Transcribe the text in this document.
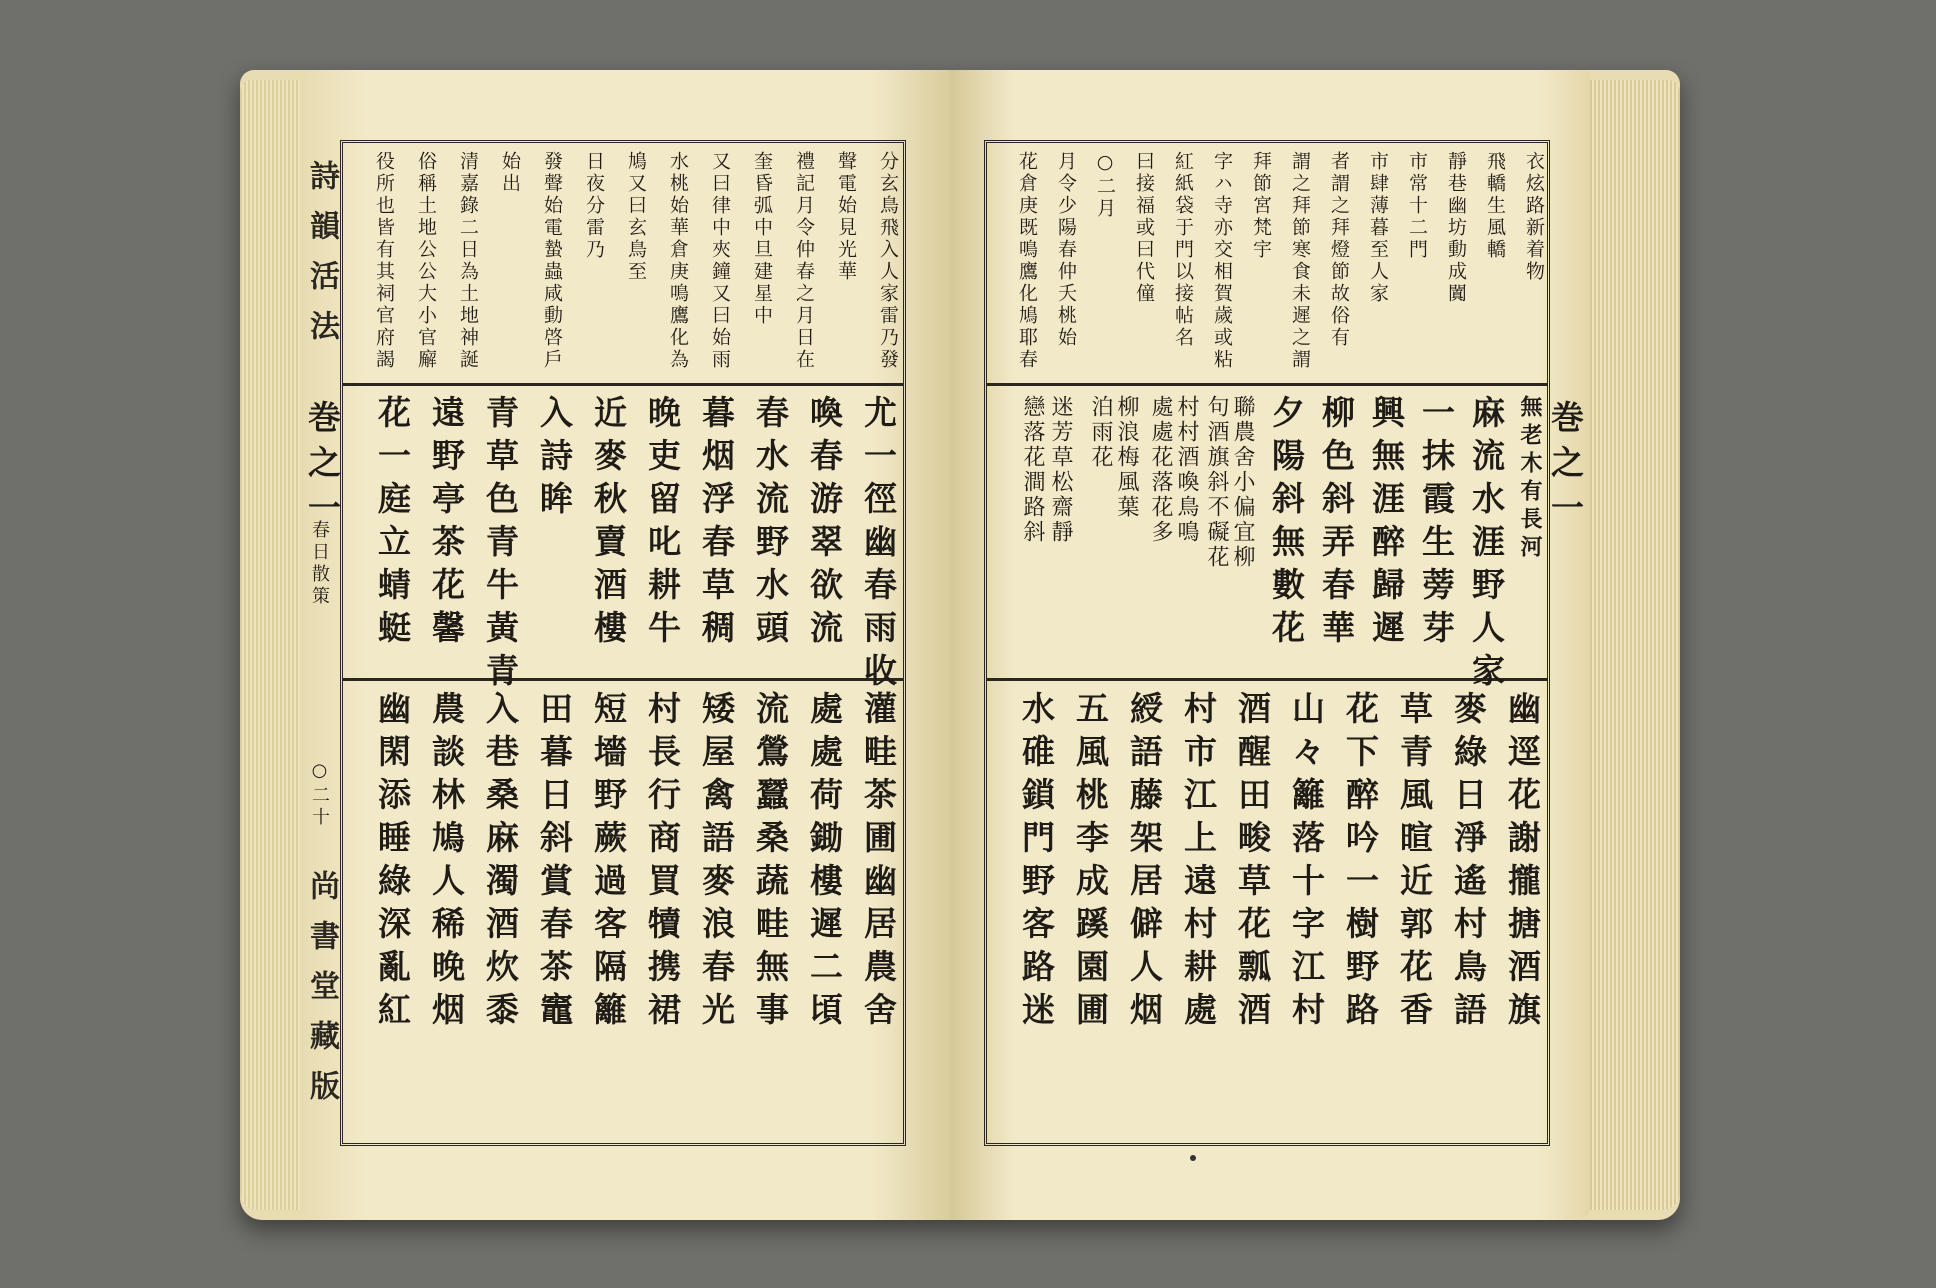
詩韻活法
巻之一
春日散策
○二十
尚書堂藏版
分玄鳥飛入人家雷乃發
聲電始見光華
禮記月令仲春之月日在
奎昏弧中旦建星中
又曰律中夾鐘又曰始雨
水桃始華倉庚鳴鷹化為
鳩又曰玄鳥至
日夜分雷乃
發聲始電蟄蟲咸動啓戶
始出
清嘉錄二日為土地神誕
俗稱土地公公大小官廨
役所也皆有其祠官府謁
尤一徑幽春雨收
喚春游翠欲流
春水流野水頭
暮烟浮春草稠
晚吏留叱耕牛
近麥秋賣酒樓
入詩眸
青草色青牛黃青
遠野亭茶花馨
花一庭立蜻蜓
灌畦茶圃幽居農舍
處處荷鋤樓遲二頃
流鶯蠶桑蔬畦無事
矮屋禽語麥浪春光
村長行商買犢携裙
短墻野蕨過客隔籬
田暮日斜賞春茶竈
入巷桑麻濁酒炊黍
農談林鳩人稀晚烟
幽閑添睡綠深亂紅
巻之一
衣炫路新着物
飛轎生風轎
靜巷幽坊動成闐
市常十二門
市肆薄暮至人家
者謂之拜燈節故俗有
謂之拜節寒食未遲之謂
拜節宮梵宇
字ハ寺亦交相賀歲或粘
紅紙袋于門以接帖名
曰接福或曰代僮
○二月
月令少陽春仲夭桃始
花倉庚既鳴鷹化鳩耶春
無老木有長河
麻流水涯野人家
一抹霞生蒡芽
興無涯醉歸遲
柳色斜弄春華
夕陽斜無數花
聯農舍小偏宜柳
句酒旗斜不礙花
村村酒喚鳥鳴
處處花落花多
柳浪梅風葉
泊雨花
迷芳草松齋靜
戀落花澗路斜
幽逕花謝攏搪酒旗
麥綠日淨遙村鳥語
草青風暄近郭花香
花下醉吟一樹野路
山々籬落十字江村
酒醒田畯草花瓢酒
村市江上遠村耕處
綬語藤架居僻人烟
五風桃李成蹊園圃
水碓鎖門野客路迷
